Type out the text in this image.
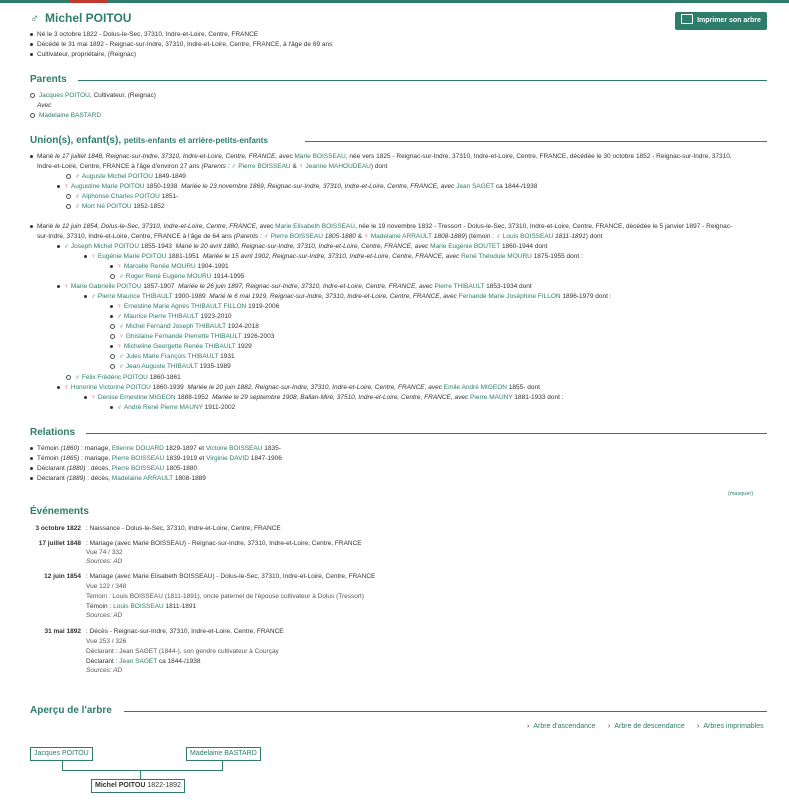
♂ Michel POITOU	Imprimer son arbre
Né le 3 octobre 1822 - Dolus-le-Sec, 37310, Indre-et-Loire, Centre, FRANCE
Décédé le 31 mai 1892 - Reignac-sur-Indre, 37310, Indre-et-Loire, Centre, FRANCE, à l'âge de 69 ans
Cultivateur, propriétaire, (Reignac)
Parents
Jacques POITOU, Cultivateur, (Reignac)
Avec
Madelaine BASTARD
Union(s), enfant(s), petits-enfants et arrière-petits-enfants
Marié le 17 juillet 1848, Reignac-sur-Indre, 37310, Indre-et-Loire, Centre, FRANCE, avec Marie BOISSEAU, née vers 1825 - Reignac-sur-Indre, 37310, Indre-et-Loire, Centre, FRANCE, décédée le 30 octobre 1852 - Reignac-sur-Indre, 37310,
Indre-et-Loire, Centre, FRANCE à l'âge d'environ 27 ans (Parents : ♂ Pierre BOISSEAU & ♀ Jeanne MAHOUDEAU) dont
♂ Auguste Michel POITOU 1849-1849
♀ Augustine Marie POITOU 1850-1938 Mariée le 23 novembre 1869, Reignac-sur-Indre, 37310, Indre-et-Loire, Centre, FRANCE, avec Jean SAGET ca 1844-/1938
♂ Alphonse Charles POITOU 1851-
♂ Mort Né POITOU 1852-1852
Marié le 12 juin 1854, Dolus-le-Sec, 37310, Indre-et-Loire, Centre, FRANCE, avec Marie Elisabeth BOISSEAU, née le 19 novembre 1832 - Tressort - Dolus-le-Sec, 37310, Indre-et-Loire, Centre, FRANCE, décédée le 5 janvier 1897 - Reignac-
sur-Indre, 37310, Indre-et-Loire, Centre, FRANCE à l'âge de 64 ans (Parents : ♂ Pierre BOISSEAU 1805-1880 & ♀ Madelaine ARRAULT 1808-1889) (témoin : ♂ Louis BOISSEAU 1811-1891) dont
♂ Joseph Michel POITOU 1855-1943 Marié le 20 avril 1880, Reignac-sur-Indre, 37310, Indre-et-Loire, Centre, FRANCE, avec Marie Eugénie BOUTET 1860-1944 dont
♀ Eugénie Marie POITOU 1881-1951 Mariée le 15 avril 1902, Reignac-sur-Indre, 37310, Indre-et-Loire, Centre, FRANCE, avec René Théodule MOURU 1875-1955 dont :
♀ Marcelle Renée MOURU 1904-1991
♂ Roger René Eugène MOURU 1914-1995
♀ Marie Gabrielle POITOU 1857-1907 Mariée le 26 juin 1897, Reignac-sur-Indre, 37310, Indre-et-Loire, Centre, FRANCE, avec Pierre THIBAULT 1853-1934 dont
♂ Pierre Maurice THIBAULT 1900-1989 Marié le 6 mai 1919, Reignac-sur-Indre, 37310, Indre-et-Loire, Centre, FRANCE, avec Fernande Marie Joséphine FILLON 1896-1979 dont :
♀ Ernestine Marie Agnès THIBAULT FILLON 1919-2006
♂ Maurice Pierre THIBAULT 1923-2010
♂ Michel Fernand Joseph THIBAULT 1924-2018
♀ Ghislaine Fernande Pierrette THIBAULT 1926-2003
♀ Micheline Georgette Renée THIBAULT 1929
♂ Jules Marie François THIBAULT 1931
♂ Jean Auguste THIBAULT 1935-1989
♂ Félix Frédéric POITOU 1860-1861
♀ Honorine Victorine POITOU 1860-1939 Mariée le 20 juin 1882, Reignac-sur-Indre, 37310, Indre-et-Loire, Centre, FRANCE, avec Emile André MIGEON 1855- dont
♀ Denise Ernestine MIGEON 1888-1952 Mariée le 29 septembre 1908, Ballan-Miré, 37510, Indre-et-Loire, Centre, FRANCE, avec Pierre MAUNY 1881-1933 dont :
♂ André René Pierre MAUNY 1911-2002
Relations
Témoin (1860) : mariage, Etienne DOUARD 1829-1897 et Victoire BOISSEAU 1835-
Témoin (1865) : mariage, Pierre BOISSEAU 1839-1919 et Virginie DAVID 1847-1906
Déclarant (1880) : décès, Pierre BOISSEAU 1805-1880
Déclarant (1889) : décès, Madelaine ARRAULT 1808-1889
(masquer)
Événements
3 octobre 1822 : Naissance - Dolus-le-Sec, 37310, Indre-et-Loire, Centre, FRANCE
17 juillet 1848 : Mariage (avec Marie BOISSEAU) - Reignac-sur-Indre, 37310, Indre-et-Loire, Centre, FRANCE
Vue 74 / 332
Sources: AD
12 juin 1854 : Mariage (avec Marie Elisabeth BOISSEAU) - Dolus-le-Sec, 37310, Indre-et-Loire, Centre, FRANCE
Vue 122 / 348
Temoin : Louis BOISSEAU (1811-1891), oncle paternel de l'épouse cultivateur à Dolus (Tressort)
Témoin : Louis BOISSEAU 1811-1891
Sources: AD
31 mai 1892 : Décès - Reignac-sur-Indre, 37310, Indre-et-Loire, Centre, FRANCE
Vue 253 / 326
Déclarant : Jean SAGET (1844-), son gendre cultivateur à Courçay
Déclarant : Jean SAGET ca 1844-/1938
Sources: AD
Aperçu de l'arbre
› Arbre d'ascendance › Arbre de descendance › Arbres imprimables
Jacques POITOU	Madelaine BASTARD
Michel POITOU 1822-1892
